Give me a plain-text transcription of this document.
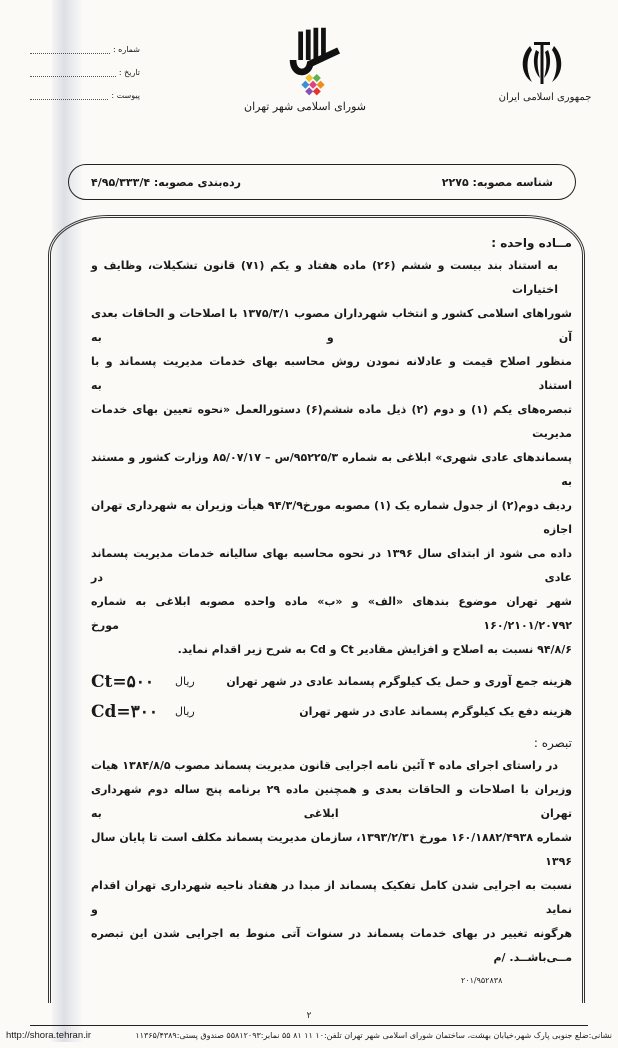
جمهوری اسلامی ایران
شورای اسلامی شهر تهران
شماره :
تاریخ :
پیوست :
شناسه مصوبه: ۲۲۷۵
رده‌بندی مصوبه: ۴/۹۵/۳۳۳/۴
مــاده واحده :
به استناد بند بیست و ششم (۲۶) ماده هفتاد و یکم (۷۱) قانون تشکیلات، وظایف و اختیارات
شوراهای اسلامی کشور و انتخاب شهرداران مصوب ۱۳۷۵/۳/۱ با اصلاحات و الحاقات بعدی آن و به
منظور اصلاح قیمت و عادلانه نمودن روش محاسبه بهای خدمات مدیریت پسماند و با استناد به
تبصره‌های یکم (۱) و دوم (۲) ذیل ماده ششم(۶) دستورالعمل «نحوه تعیین بهای خدمات مدیریت
پسماندهای عادی شهری» ابلاغی به شماره ۹۵۲۲۵/۳/س – ۸۵/۰۷/۱۷ وزارت کشور و مستند به
ردیف دوم(۲) از جدول شماره یک (۱) مصوبه مورخ۹۴/۳/۹ هیأت وزیران به شهرداری تهران اجازه
داده می شود از ابتدای سال ۱۳۹۶ در نحوه محاسبه بهای سالیانه خدمات مدیریت پسماند عادی در
شهر تهران موضوع بندهای «الف» و «ب» ماده واحده مصوبه ابلاغی به شماره ۱۶۰/۲۱۰۱/۲۰۷۹۲ مورخ
۹۴/۸/۶ نسبت به اصلاح و افزایش مقادیر Ct و Cd به شرح زیر اقدام نماید.
هزینه جمع آوری و حمل یک کیلوگرم پسماند عادی در شهر تهران
ریال
Ct=۵۰۰
هزینه دفع یک کیلوگرم پسماند عادی در شهر تهران
ریال
Cd=۳۰۰
تبصره :
در راستای اجرای ماده ۴ آئین نامه اجرایی قانون مدیریت پسماند مصوب ۱۳۸۴/۸/۵ هیات
وزیران با اصلاحات و الحاقات بعدی و همچنین ماده ۲۹ برنامه پنج ساله دوم شهرداری تهران ابلاغی به
شماره ۱۶۰/۱۸۸۲/۴۹۳۸ مورخ ۱۳۹۳/۲/۳۱، سازمان مدیریت پسماند مکلف است تا پایان سال ۱۳۹۶
نسبت به اجرایی شدن کامل تفکیک پسماند از مبدا در هفتاد ناحیه شهرداری تهران اقدام نماید و
هرگونه تغییر در بهای خدمات پسماند در سنوات آتی منوط به اجرایی شدن این تبصره مــی‌باشــد. /م
۲۰۱/۹۵۲۸۳۸
۲
نشانی:ضلع جنوبی پارک شهر،خیابان بهشت، ساختمان شورای اسلامی شهر تهران تلفن:۱۰ ۱۱ ۸۱ ۵۵ نمابر:۵۵۸۱۲۰۹۳ صندوق پستی:۱۱۳۶۵/۴۳۸۹
http://shora.tehran.ir
